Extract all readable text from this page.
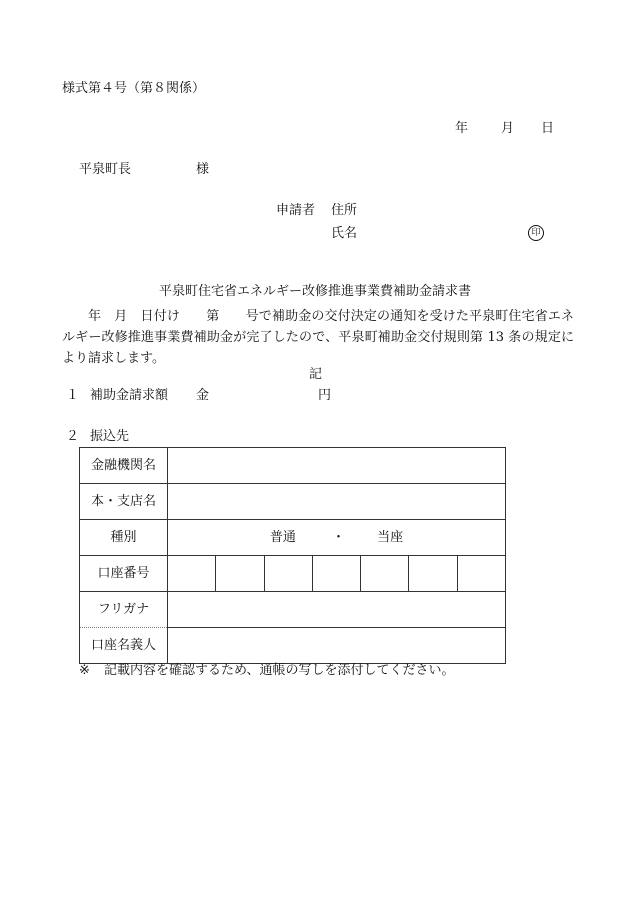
様式第４号（第８関係）
年	月 日
平泉町長	様
申請者 住所
氏名	印
平泉町住宅省エネルギー改修推進事業費補助金請求書
年　月　日付け　　第　　号で補助金の交付決定の通知を受けた平泉町住宅省エネルギー改修推進事業費補助金が完了したので、平泉町補助金交付規則第 13 条の規定により請求します。
記
１ 補助金請求額 金	円
２ 振込先
金融機関名	
本・支店名	
種別	普通 ・ 当座
口座番号	

フリガナ	
口座名義人	
※ 記載内容を確認するため、通帳の写しを添付してください。
